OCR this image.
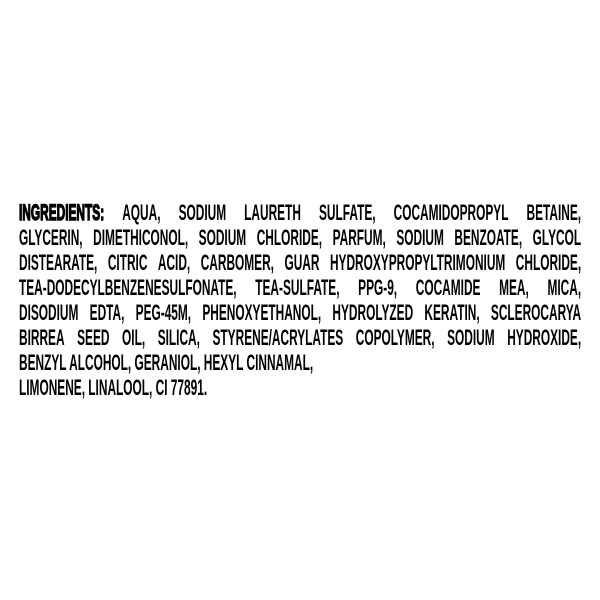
INGREDIENTS: AQUA, SODIUM LAURETH SULFATE, COCAMIDOPROPYL BETAINE,
GLYCERIN, DIMETHICONOL, SODIUM CHLORIDE, PARFUM, SODIUM BENZOATE, GLYCOL
DISTEARATE, CITRIC ACID, CARBOMER, GUAR HYDROXYPROPYLTRIMONIUM CHLORIDE,
TEA-DODECYLBENZENESULFONATE, TEA-SULFATE, PPG-9, COCAMIDE MEA, MICA,
DISODIUM EDTA, PEG-45M, PHENOXYETHANOL, HYDROLYZED KERATIN, SCLEROCARYA
BIRREA SEED OIL, SILICA, STYRENE/ACRYLATES COPOLYMER, SODIUM HYDROXIDE,
BENZYL ALCOHOL, GERANIOL, HEXYL CINNAMAL,
LIMONENE, LINALOOL, CI 77891.
